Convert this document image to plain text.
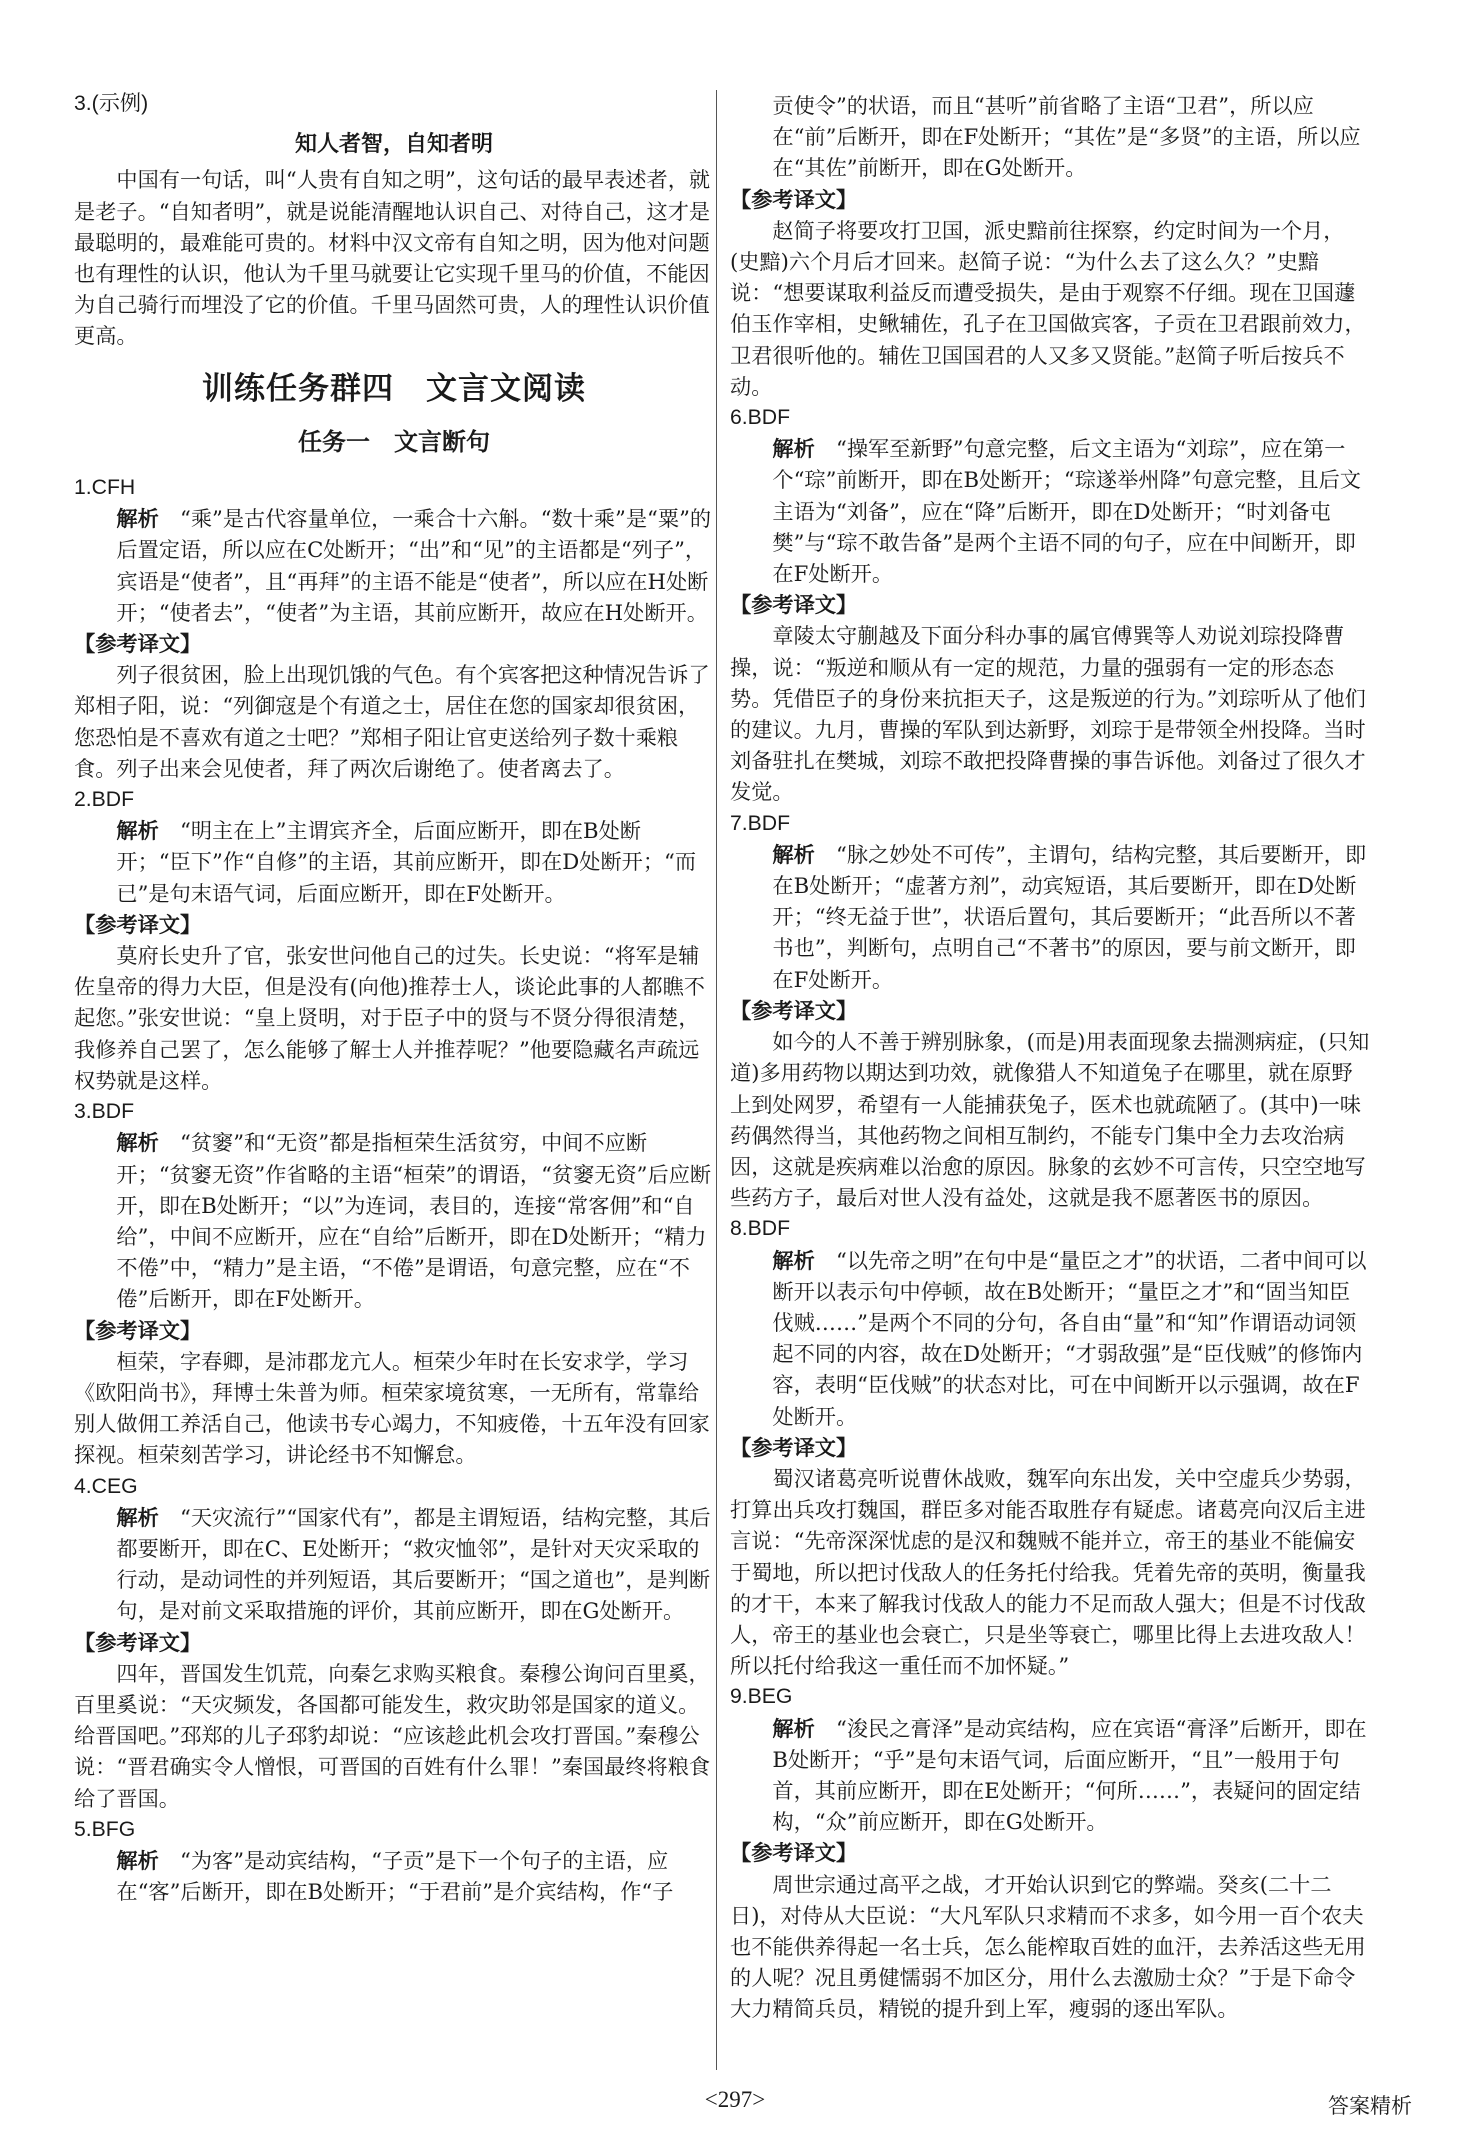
3.(示例)

知人者智，自知者明

中国有一句话，叫“人贵有自知之明”，这句话的最早表述者，就是老子。“自知者明”，就是说能清醒地认识自己、对待自己，这才是最聪明的，最难能可贵的。材料中汉文帝有自知之明，因为他对问题也有理性的认识，他认为千里马就要让它实现千里马的价值，不能因为自己骑行而埋没了它的价值。千里马固然可贵，人的理性认识价值更高。

训练任务群四　文言文阅读

任务一　文言断句

1.CFH

解析　 “乘”是古代容量单位，一乘合十六斛。“数十乘”是“粟”的后置定语，所以应在C处断开；“出”和“见”的主语都是“列子”，宾语是“使者”，且“再拜”的主语不能是“使者”，所以应在H处断开；“使者去”，“使者”为主语，其前应断开，故应在H处断开。

【参考译文】

列子很贫困，脸上出现饥饿的气色。有个宾客把这种情况告诉了郑相子阳，说：“列御寇是个有道之士，居住在您的国家却很贫困，您恐怕是不喜欢有道之士吧？”郑相子阳让官吏送给列子数十乘粮食。列子出来会见使者，拜了两次后谢绝了。使者离去了。

2.BDF

解析　 “明主在上”主谓宾齐全，后面应断开，即在B处断开；“臣下”作“自修”的主语，其前应断开，即在D处断开；“而已”是句末语气词，后面应断开，即在F处断开。

【参考译文】

莫府长史升了官，张安世问他自己的过失。长史说：“将军是辅佐皇帝的得力大臣，但是没有(向他)推荐士人，谈论此事的人都瞧不起您。”张安世说：“皇上贤明，对于臣子中的贤与不贤分得很清楚，我修养自己罢了，怎么能够了解士人并推荐呢？”他要隐藏名声疏远权势就是这样。

3.BDF

解析　 “贫窭”和“无资”都是指桓荣生活贫穷，中间不应断开；“贫窭无资”作省略的主语“桓荣”的谓语，“贫窭无资”后应断开，即在B处断开；“以”为连词，表目的，连接“常客佣”和“自给”，中间不应断开，应在“自给”后断开，即在D处断开；“精力不倦”中，“精力”是主语，“不倦”是谓语，句意完整，应在“不倦”后断开，即在F处断开。

【参考译文】

桓荣，字春卿，是沛郡龙亢人。桓荣少年时在长安求学，学习《欧阳尚书》，拜博士朱普为师。桓荣家境贫寒，一无所有，常靠给别人做佣工养活自己，他读书专心竭力，不知疲倦，十五年没有回家探视。桓荣刻苦学习，讲论经书不知懈怠。

4.CEG

解析　 “天灾流行”“国家代有”，都是主谓短语，结构完整，其后都要断开，即在C、E处断开；“救灾恤邻”，是针对天灾采取的行动，是动词性的并列短语，其后要断开；“国之道也”，是判断句，是对前文采取措施的评价，其前应断开，即在G处断开。

【参考译文】

四年，晋国发生饥荒，向秦乞求购买粮食。秦穆公询问百里奚，百里奚说：“天灾频发，各国都可能发生，救灾助邻是国家的道义。给晋国吧。”邳郑的儿子邳豹却说：“应该趁此机会攻打晋国。”秦穆公说：“晋君确实令人憎恨，可晋国的百姓有什么罪！”秦国最终将粮食给了晋国。

5.BFG

解析　 “为客”是动宾结构，“子贡”是下一个句子的主语，应在“客”后断开，即在B处断开；“于君前”是介宾结构，作“子

贡使令”的状语，而且“甚听”前省略了主语“卫君”，所以应在“前”后断开，即在F处断开；“其佐”是“多贤”的主语，所以应在“其佐”前断开，即在G处断开。

【参考译文】

赵简子将要攻打卫国，派史黯前往探察，约定时间为一个月，(史黯)六个月后才回来。赵简子说：“为什么去了这么久？”史黯说：“想要谋取利益反而遭受损失，是由于观察不仔细。现在卫国蘧伯玉作宰相，史鳅辅佐，孔子在卫国做宾客，子贡在卫君跟前效力，卫君很听他的。辅佐卫国国君的人又多又贤能。”赵简子听后按兵不动。

6.BDF

解析　 “操军至新野”句意完整，后文主语为“刘琮”，应在第一个“琮”前断开，即在B处断开；“琮遂举州降”句意完整，且后文主语为“刘备”，应在“降”后断开，即在D处断开；“时刘备屯樊”与“琮不敢告备”是两个主语不同的句子，应在中间断开，即在F处断开。

【参考译文】

章陵太守蒯越及下面分科办事的属官傅巽等人劝说刘琮投降曹操，说：“叛逆和顺从有一定的规范，力量的强弱有一定的形态态势。凭借臣子的身份来抗拒天子，这是叛逆的行为。”刘琮听从了他们的建议。九月，曹操的军队到达新野，刘琮于是带领全州投降。当时刘备驻扎在樊城，刘琮不敢把投降曹操的事告诉他。刘备过了很久才发觉。

7.BDF

解析　 “脉之妙处不可传”，主谓句，结构完整，其后要断开，即在B处断开；“虚著方剂”，动宾短语，其后要断开，即在D处断开；“终无益于世”，状语后置句，其后要断开；“此吾所以不著书也”，判断句，点明自己“不著书”的原因，要与前文断开，即在F处断开。

【参考译文】

如今的人不善于辨别脉象，(而是)用表面现象去揣测病症，(只知道)多用药物以期达到功效，就像猎人不知道兔子在哪里，就在原野上到处网罗，希望有一人能捕获兔子，医术也就疏陋了。(其中)一味药偶然得当，其他药物之间相互制约，不能专门集中全力去攻治病因，这就是疾病难以治愈的原因。脉象的玄妙不可言传，只空空地写些药方子，最后对世人没有益处，这就是我不愿著医书的原因。

8.BDF

解析　 “以先帝之明”在句中是“量臣之才”的状语，二者中间可以断开以表示句中停顿，故在B处断开；“量臣之才”和“固当知臣伐贼……”是两个不同的分句，各自由“量”和“知”作谓语动词领起不同的内容，故在D处断开；“才弱敌强”是“臣伐贼”的修饰内容，表明“臣伐贼”的状态对比，可在中间断开以示强调，故在F处断开。

【参考译文】

蜀汉诸葛亮听说曹休战败，魏军向东出发，关中空虚兵少势弱，打算出兵攻打魏国，群臣多对能否取胜存有疑虑。诸葛亮向汉后主进言说：“先帝深深忧虑的是汉和魏贼不能并立，帝王的基业不能偏安于蜀地，所以把讨伐敌人的任务托付给我。凭着先帝的英明，衡量我的才干，本来了解我讨伐敌人的能力不足而敌人强大；但是不讨伐敌人，帝王的基业也会衰亡，只是坐等衰亡，哪里比得上去进攻敌人！所以托付给我这一重任而不加怀疑。”

9.BEG

解析　 “浚民之膏泽”是动宾结构，应在宾语“膏泽”后断开，即在B处断开；“乎”是句末语气词，后面应断开，“且”一般用于句首，其前应断开，即在E处断开；“何所……”，表疑问的固定结构，“众”前应断开，即在G处断开。

【参考译文】

周世宗通过高平之战，才开始认识到它的弊端。癸亥(二十二日)，对侍从大臣说：“大凡军队只求精而不求多，如今用一百个农夫也不能供养得起一名士兵，怎么能榨取百姓的血汗，去养活这些无用的人呢？况且勇健懦弱不加区分，用什么去激励士众？”于是下命令大力精简兵员，精锐的提升到上军，瘦弱的逐出军队。

<297>	答案精析
